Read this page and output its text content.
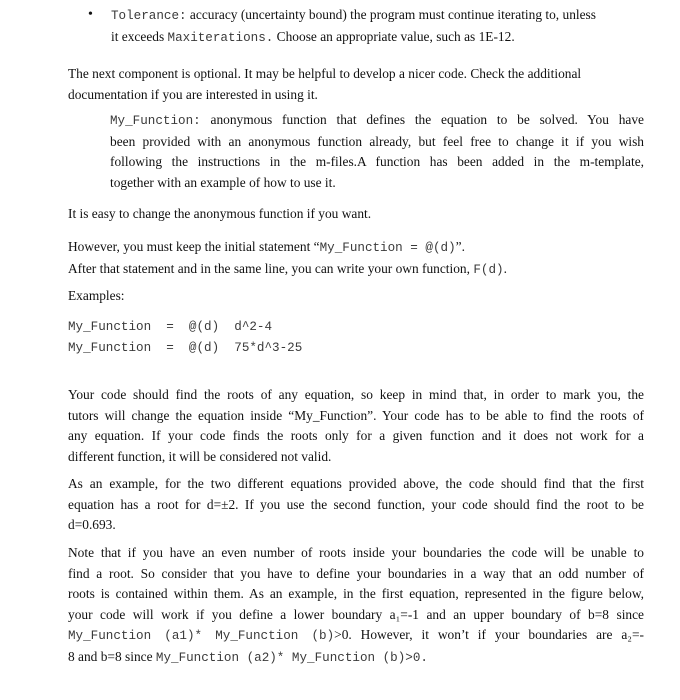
• Tolerance: accuracy (uncertainty bound) the program must continue iterating to, unless
it exceeds Maxiterations. Choose an appropriate value, such as 1E-12.
The next component is optional. It may be helpful to develop a nicer code. Check the additional
documentation if you are interested in using it.
My_Function: anonymous function that defines the equation to be solved. You have
been provided with an anonymous function already, but feel free to change it if you wish
following the instructions in the m-files.A function has been added in the m-template,
together with an example of how to use it.
It is easy to change the anonymous function if you want.
However, you must keep the initial statement “My_Function = @(d)”.
After that statement and in the same line, you can write your own function, F(d).
Examples:
My_Function  =  @(d)  d^2-4
My_Function  =  @(d)  75*d^3-25
Your code should find the roots of any equation, so keep in mind that, in order to mark you, the
tutors will change the equation inside “My_Function”. Your code has to be able to find the roots of
any equation. If your code finds the roots only for a given function and it does not work for a
different function, it will be considered not valid.
As an example, for the two different equations provided above, the code should find that the first
equation has a root for d=±2. If you use the second function, your code should find the root to be
d=0.693.
Note that if you have an even number of roots inside your boundaries the code will be unable to
find a root. So consider that you have to define your boundaries in a way that an odd number of
roots is contained within them. As an example, in the first equation, represented in the figure below,
your code will work if you define a lower boundary a₁=-1 and an upper boundary of b=8 since
My_Function (a1)* My_Function (b)>0. However, it won’t if your boundaries are a₂=-
8 and b=8 since My_Function (a2)* My_Function (b)>0.
